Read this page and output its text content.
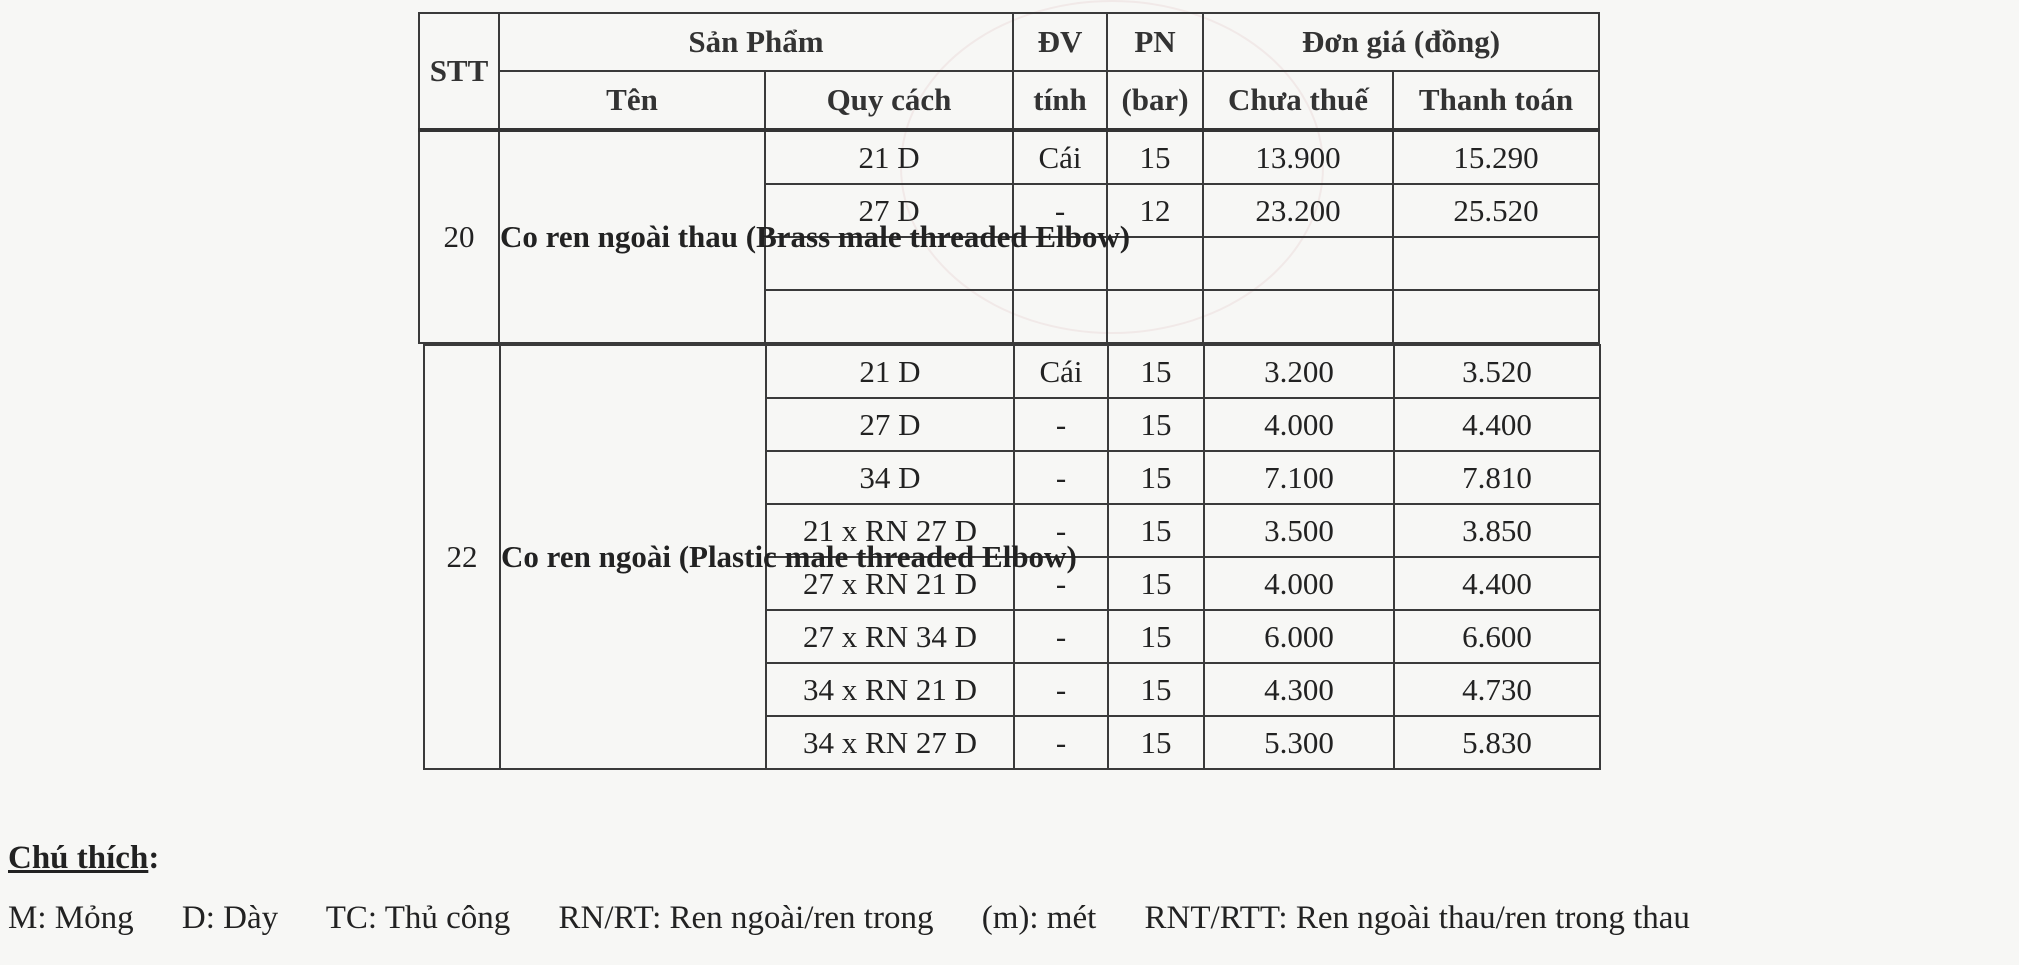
STT	Sản Phẩm		ĐV	PN	Đơn giá (đồng)	
	Tên	Quy cách	tính	(bar)	Chưa thuế	Thanh toán
20	Co ren ngoài thau (Brass male threaded Elbow)	21 D	Cái	15	13.900	15.290
		27 D	-	12	23.200	25.520

22	Co ren ngoài (Plastic male threaded Elbow)	21 D	Cái	15	3.200	3.520
		27 D	-	15	4.000	4.400
		34 D	-	15	7.100	7.810
		21 x RN 27 D	-	15	3.500	3.850
		27 x RN 21 D	-	15	4.000	4.400
		27 x RN 34 D	-	15	6.000	6.600
		34 x RN 21 D	-	15	4.300	4.730
		34 x RN 27 D	-	15	5.300	5.830
Chú thích:
M: Mỏng D: Dày TC: Thủ công RN/RT: Ren ngoài/ren trong (m): mét RNT/RTT: Ren ngoài thau/ren trong thau
